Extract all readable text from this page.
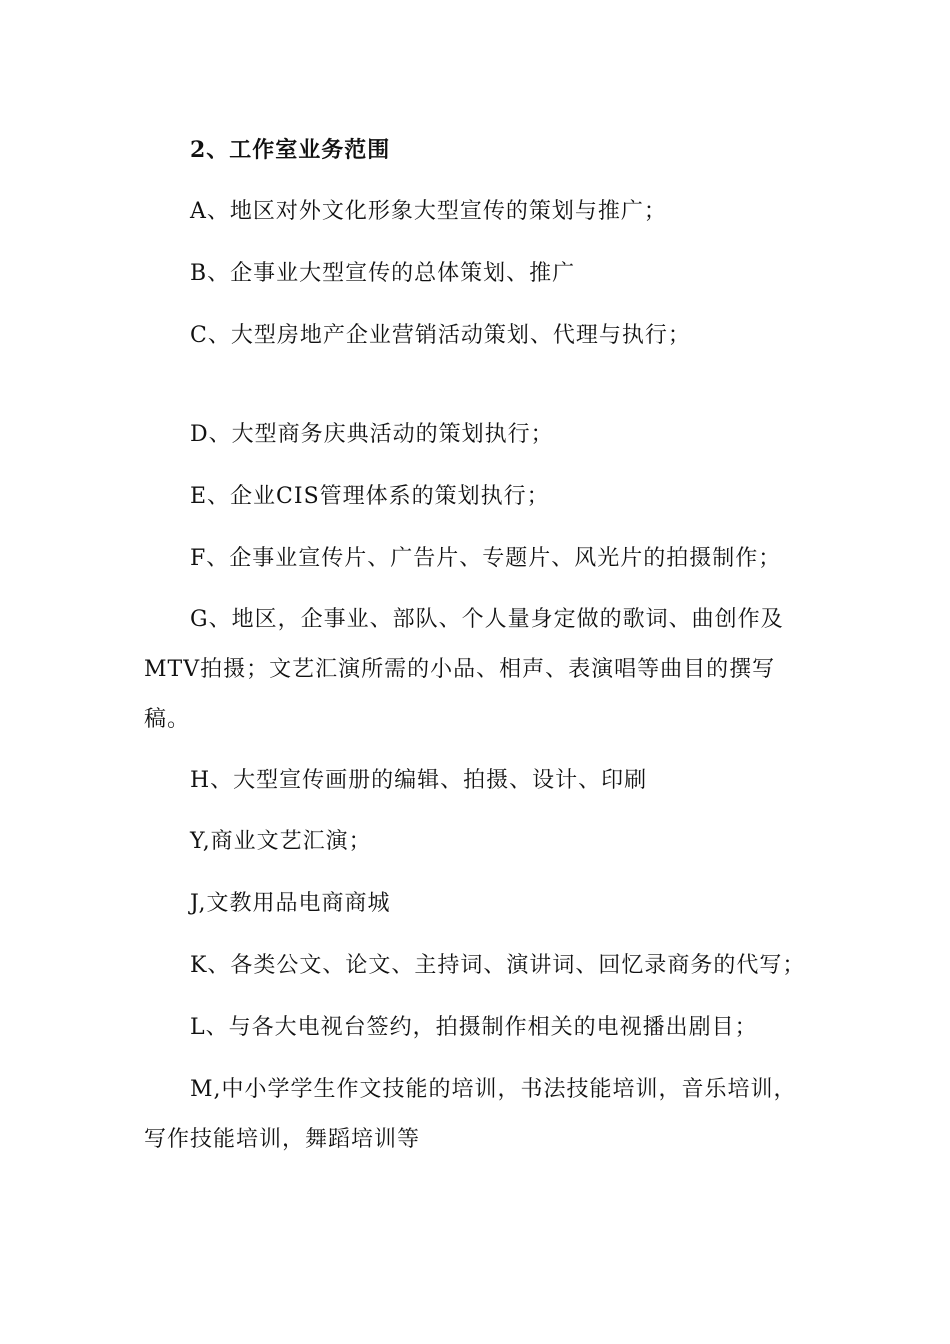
2、工作室业务范围

A、地区对外文化形象大型宣传的策划与推广；

B、企事业大型宣传的总体策划、推广

C、大型房地产企业营销活动策划、代理与执行；

D、大型商务庆典活动的策划执行；

E、企业CIS管理体系的策划执行；

F、企事业宣传片、广告片、专题片、风光片的拍摄制作；

G、地区，企事业、部队、个人量身定做的歌词、曲创作及MTV拍摄；文艺汇演所需的小品、相声、表演唱等曲目的撰写稿。

H、大型宣传画册的编辑、拍摄、设计、印刷

Y,商业文艺汇演；

J,文教用品电商商城

K、各类公文、论文、主持词、演讲词、回忆录商务的代写；

L、与各大电视台签约，拍摄制作相关的电视播出剧目；

M,中小学学生作文技能的培训，书法技能培训，音乐培训，写作技能培训，舞蹈培训等
